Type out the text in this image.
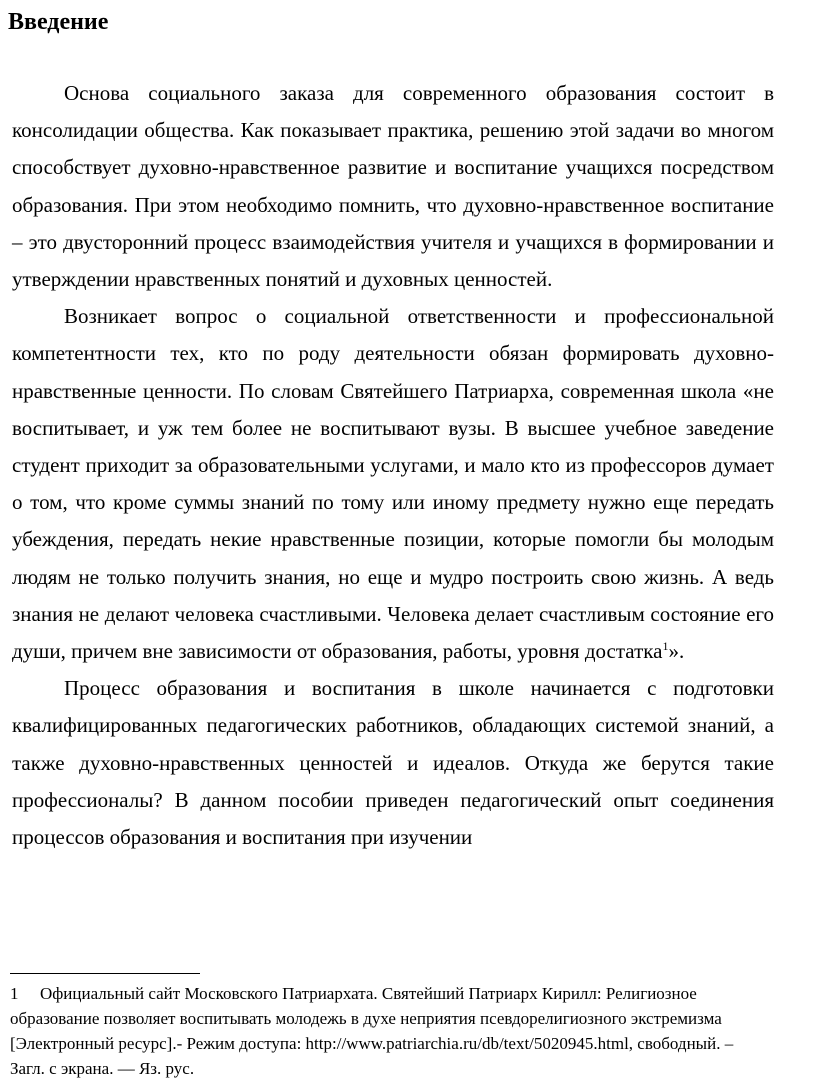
Введение

Основа социального заказа для современного образования состоит в консолидации общества. Как показывает практика, решению этой задачи во многом способствует духовно-нравственное развитие и воспитание учащихся посредством образования. При этом необходимо помнить, что духовно-нравственное воспитание – это двусторонний процесс взаимодействия учителя и учащихся в формировании и утверждении нравственных понятий и духовных ценностей.

Возникает вопрос о социальной ответственности и профессиональной компетентности тех, кто по роду деятельности обязан формировать духовно-нравственные ценности. По словам Святейшего Патриарха, современная школа «не воспитывает, и уж тем более не воспитывают вузы. В высшее учебное заведение студент приходит за образовательными услугами, и мало кто из профессоров думает о том, что кроме суммы знаний по тому или иному предмету нужно еще передать убеждения, передать некие нравственные позиции, которые помогли бы молодым людям не только получить знания, но еще и мудро построить свою жизнь. А ведь знания не делают человека счастливыми. Человека делает счастливым состояние его души, причем вне зависимости от образования, работы, уровня достатка$^1$».

Процесс образования и воспитания в школе начинается с подготовки квалифицированных педагогических работников, обладающих системой знаний, а также духовно-нравственных ценностей и идеалов. Откуда же берутся такие профессионалы? В данном пособии приведен педагогический опыт соединения процессов образования и воспитания при изучении

1 Официальный сайт Московского Патриархата. Святейший Патриарх Кирилл: Религиозное образование позволяет воспитывать молодежь в духе неприятия псевдорелигиозного экстремизма [Электронный ресурс].- Режим доступа: http://www.patriarchia.ru/db/text/5020945.html, свободный. – Загл. с экрана. — Яз. рус.
